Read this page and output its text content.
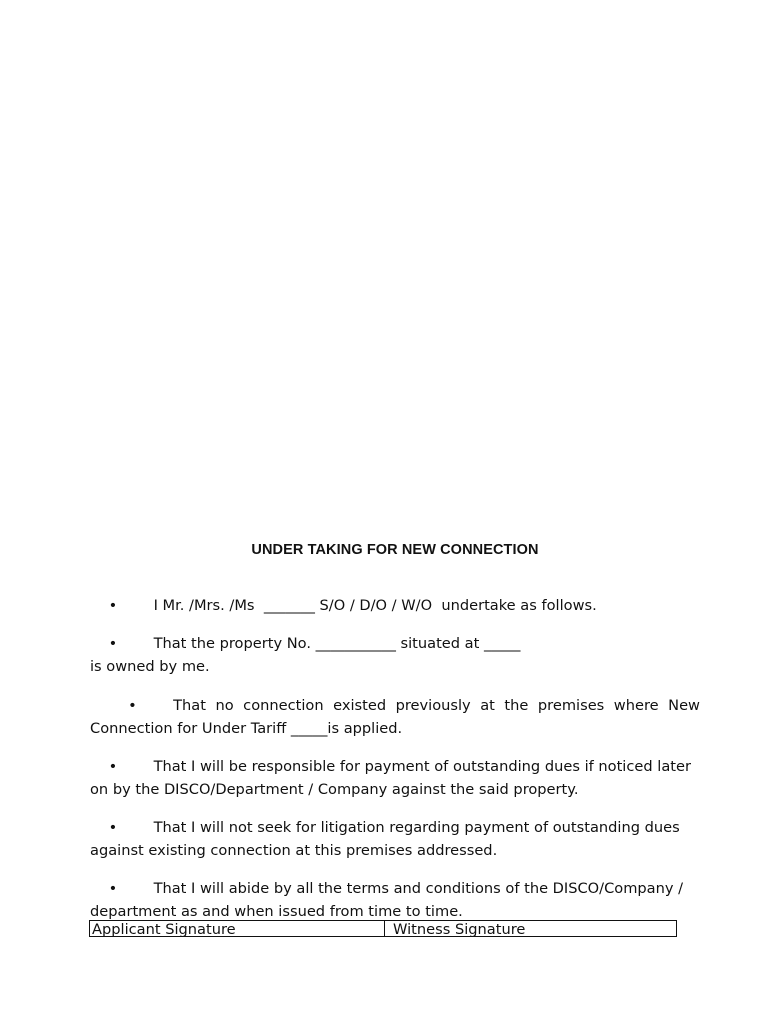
UNDER TAKING FOR NEW CONNECTION

• I Mr. /Mrs. /Ms  _______ S/O / D/O / W/O  undertake as follows.

• That the property No. ___________ situated at _____
is owned by me.

• That no connection existed previously at the premises where New Connection for Under Tariff _____is applied.

• That I will be responsible for payment of outstanding dues if noticed later on by the DISCO/Department / Company against the said property.

• That I will not seek for litigation regarding payment of outstanding dues against existing connection at this premises addressed.

• That I will abide by all the terms and conditions of the DISCO/Company / department as and when issued from time to time.

Applicant Signature _______________	Witness Signature _______________
